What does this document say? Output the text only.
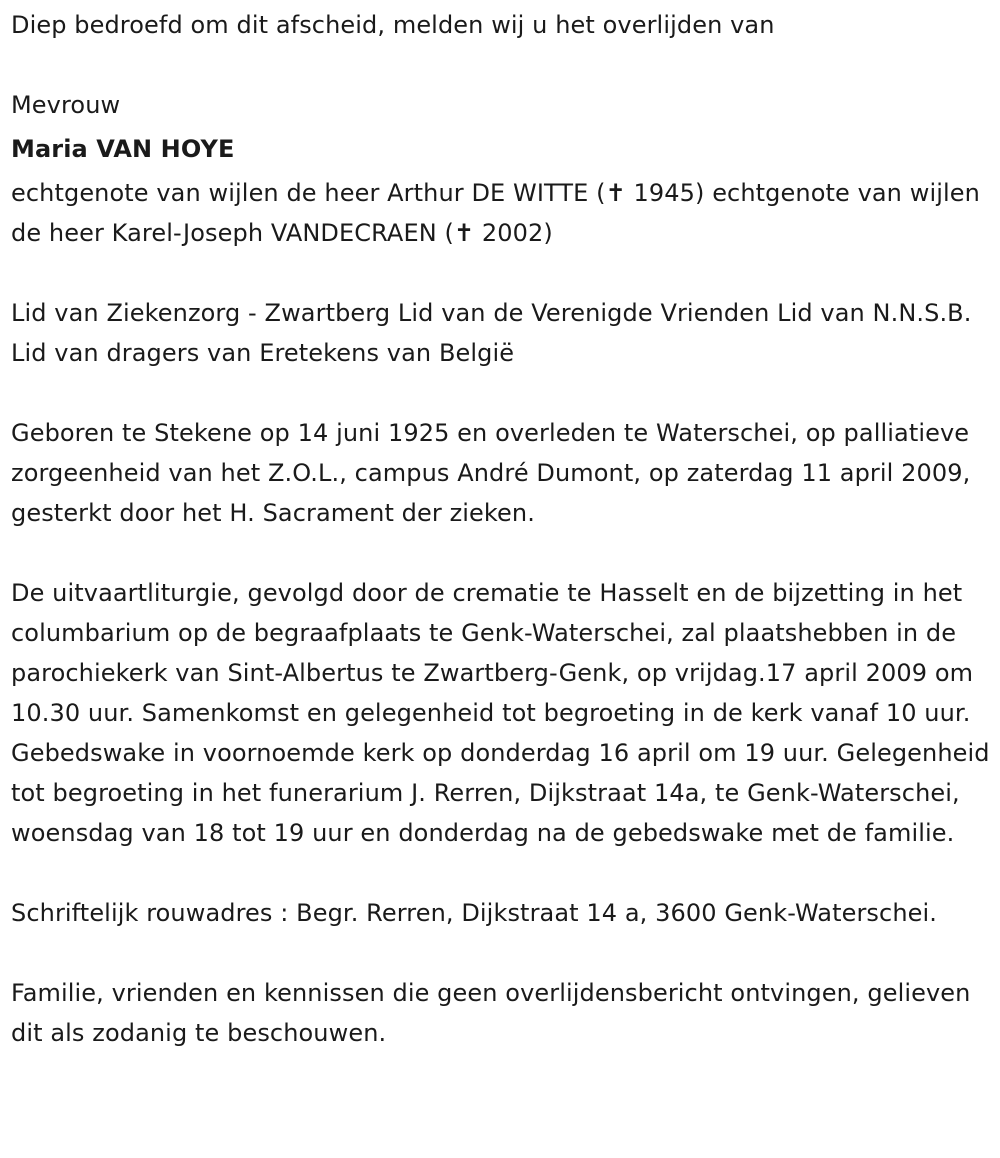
Diep bedroefd om dit afscheid, melden wij u het overlijden van

Mevrouw

Maria VAN HOYE

echtgenote van wijlen de heer Arthur DE WITTE (✝ 1945) echtgenote van wijlen de heer Karel-Joseph VANDECRAEN (✝ 2002)

Lid van Ziekenzorg - Zwartberg Lid van de Verenigde Vrienden Lid van N.N.S.B. Lid van dragers van Eretekens van België

Geboren te Stekene op 14 juni 1925 en overleden te Waterschei, op palliatieve zorgeenheid van het Z.O.L., campus André Dumont, op zaterdag 11 april 2009, gesterkt door het H. Sacrament der zieken.

De uitvaartliturgie, gevolgd door de crematie te Hasselt en de bijzetting in het columbarium op de begraafplaats te Genk-Waterschei, zal plaatshebben in de parochiekerk van Sint-Albertus te Zwartberg-Genk, op vrijdag.17 april 2009 om 10.30 uur. Samenkomst en gelegenheid tot begroeting in de kerk vanaf 10 uur. Gebedswake in voornoemde kerk op donderdag 16 april om 19 uur. Gelegenheid tot begroeting in het funerarium J. Rerren, Dijkstraat 14a, te Genk-Waterschei, woensdag van 18 tot 19 uur en donderdag na de gebedswake met de familie.

Schriftelijk rouwadres : Begr. Rerren, Dijkstraat 14 a, 3600 Genk-Waterschei.

Familie, vrienden en kennissen die geen overlijdensbericht ontvingen, gelieven dit als zodanig te beschouwen.
